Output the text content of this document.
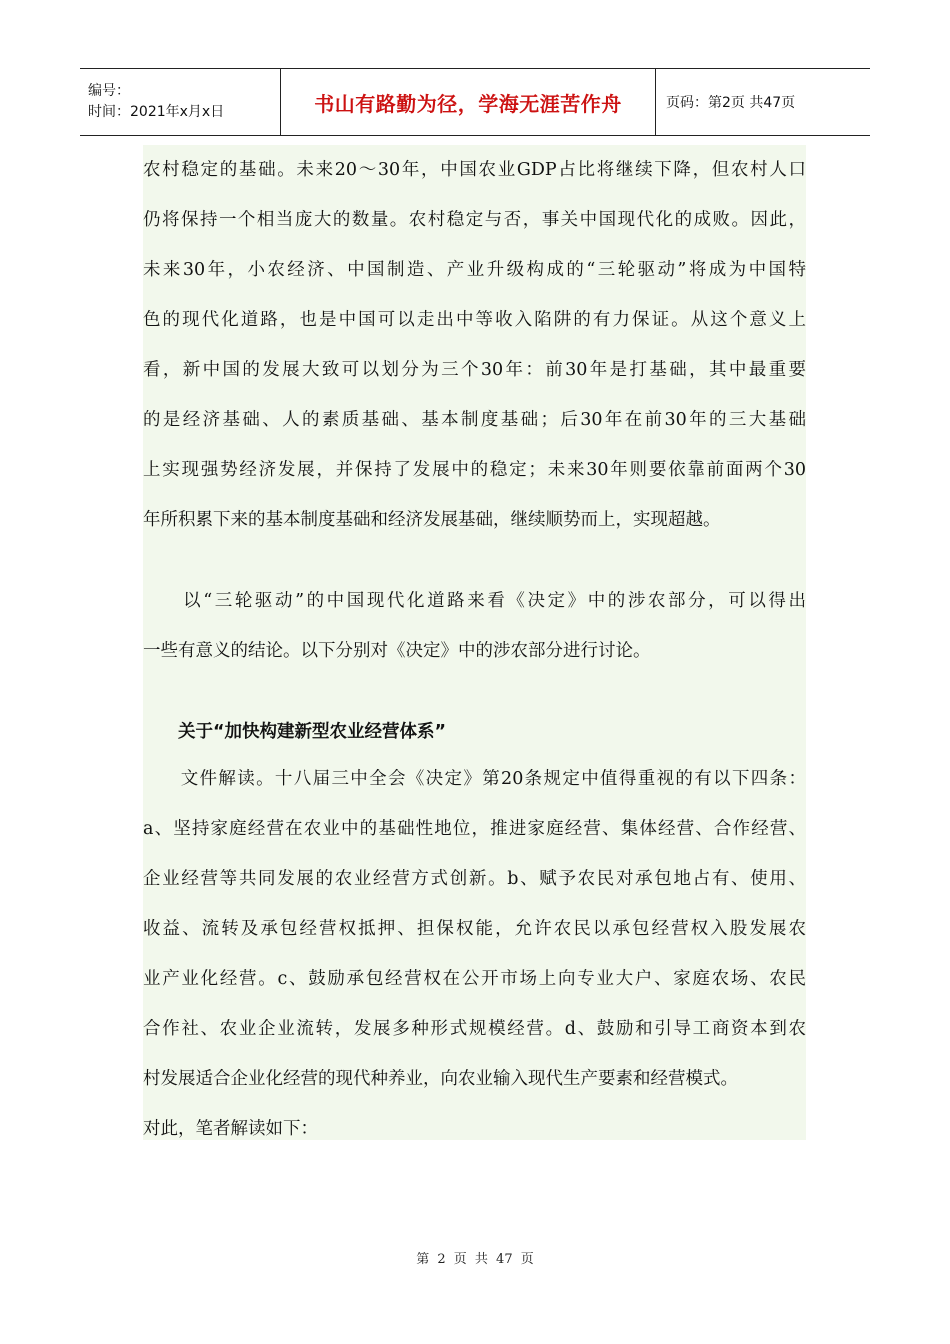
编号：
时间：2021年x月x日	书山有路勤为径，学海无涯苦作舟	页码：第2页 共47页
农村稳定的基础。未来20～30年，中国农业GDP占比将继续下降，但农村人口
仍将保持一个相当庞大的数量。农村稳定与否，事关中国现代化的成败。因此，
未来30年，小农经济、中国制造、产业升级构成的“三轮驱动”将成为中国特
色的现代化道路，也是中国可以走出中等收入陷阱的有力保证。从这个意义上
看，新中国的发展大致可以划分为三个30年：前30年是打基础，其中最重要
的是经济基础、人的素质基础、基本制度基础；后30年在前30年的三大基础
上实现强势经济发展，并保持了发展中的稳定；未来30年则要依靠前面两个30
年所积累下来的基本制度基础和经济发展基础，继续顺势而上，实现超越。
　　以“三轮驱动”的中国现代化道路来看《决定》中的涉农部分，可以得出
一些有意义的结论。以下分别对《决定》中的涉农部分进行讨论。
　　关于“加快构建新型农业经营体系”
　　文件解读。十八届三中全会《决定》第20条规定中值得重视的有以下四条：
a、坚持家庭经营在农业中的基础性地位，推进家庭经营、集体经营、合作经营、
企业经营等共同发展的农业经营方式创新。b、赋予农民对承包地占有、使用、
收益、流转及承包经营权抵押、担保权能，允许农民以承包经营权入股发展农
业产业化经营。c、鼓励承包经营权在公开市场上向专业大户、家庭农场、农民
合作社、农业企业流转，发展多种形式规模经营。d、鼓励和引导工商资本到农
村发展适合企业化经营的现代种养业，向农业输入现代生产要素和经营模式。
对此，笔者解读如下：
第 2 页 共 47 页
